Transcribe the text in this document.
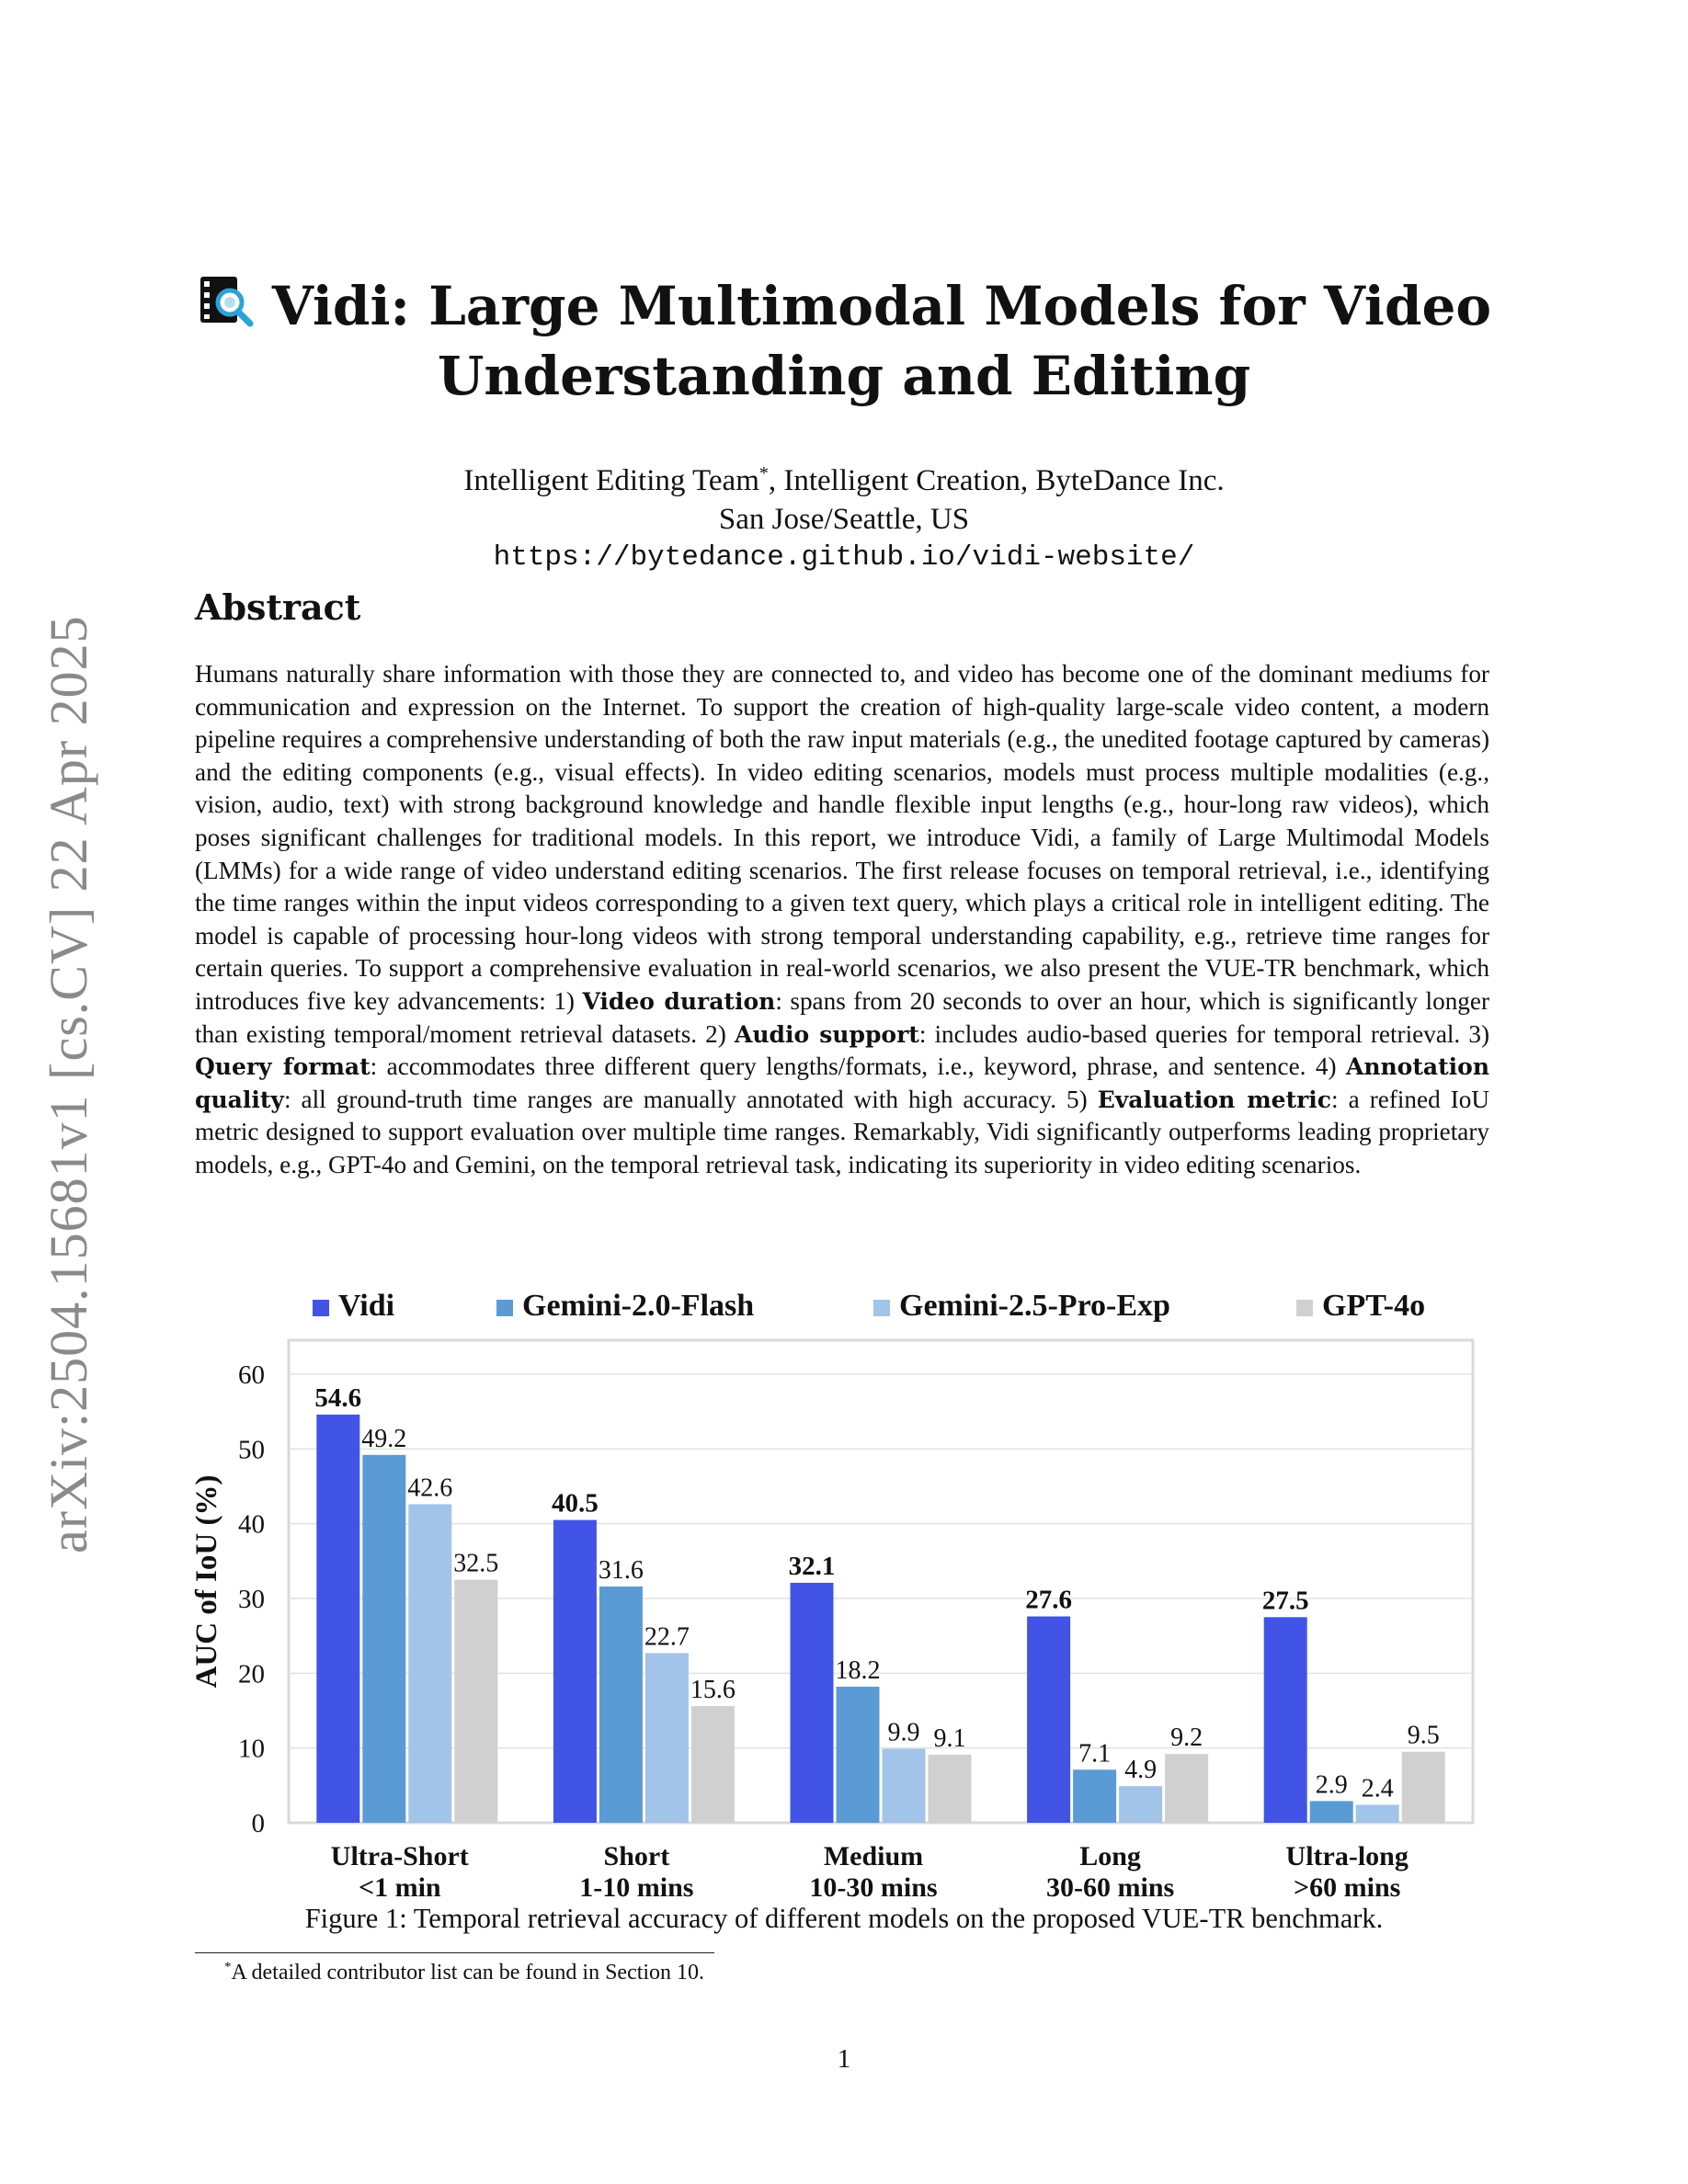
arXiv:2504.15681v1 [cs.CV] 22 Apr 2025
Vidi: Large Multimodal Models for Video
Understanding and Editing
Intelligent Editing Team*, Intelligent Creation, ByteDance Inc.
San Jose/Seattle, US
https://bytedance.github.io/vidi-website/
Abstract

Humans naturally share information with those they are connected to, and video has become one of the dominant mediums for communication and expression on the Internet. To support the creation of high-quality large-scale video content, a modern pipeline requires a comprehensive understanding of both the raw input materials (e.g., the unedited footage captured by cameras) and the editing components (e.g., visual effects). In video editing scenarios, models must process multiple modalities (e.g., vision, audio, text) with strong background knowledge and handle flexible input lengths (e.g., hour-long raw videos), which poses significant challenges for traditional models. In this report, we introduce Vidi, a family of Large Multimodal Models (LMMs) for a wide range of video understand editing scenarios. The first release focuses on temporal retrieval, i.e., identifying the time ranges within the input videos corresponding to a given text query, which plays a critical role in intelligent editing. The model is capable of processing hour-long videos with strong temporal understanding capability, e.g., retrieve time ranges for certain queries. To support a comprehensive evaluation in real-world scenarios, we also present the VUE-TR benchmark, which introduces five key advancements: 1) Video duration: spans from 20 seconds to over an hour, which is significantly longer than existing temporal/moment retrieval datasets. 2) Audio support: includes audio-based queries for temporal retrieval. 3) Query format: accommodates three different query lengths/formats, i.e., keyword, phrase, and sentence. 4) Annotation quality: all ground-truth time ranges are manually annotated with high accuracy. 5) Evaluation metric: a refined IoU metric designed to support evaluation over multiple time ranges. Remarkably, Vidi significantly outperforms leading proprietary models, e.g., GPT-4o and Gemini, on the temporal retrieval task, indicating its superiority in video editing scenarios.

0
10
20
30
40
50
60
AUC of IoU (%)
Vidi	Gemini-2.0-Flash	Gemini-2.5-Pro-Exp	GPT-4o
54.6
49.2
42.6
32.5
Ultra-Short
<1 min
40.5
31.6
22.7
15.6
Short
1-10 mins
32.1
18.2
9.9 9.1
Medium
10-30 mins
27.6
7.1
4.9
9.2
Long
30-60 mins
27.5
2.9 2.4
9.5
Ultra-long
>60 mins
Figure 1: Temporal retrieval accuracy of different models on the proposed VUE-TR benchmark.
*A detailed contributor list can be found in Section 10.
1
